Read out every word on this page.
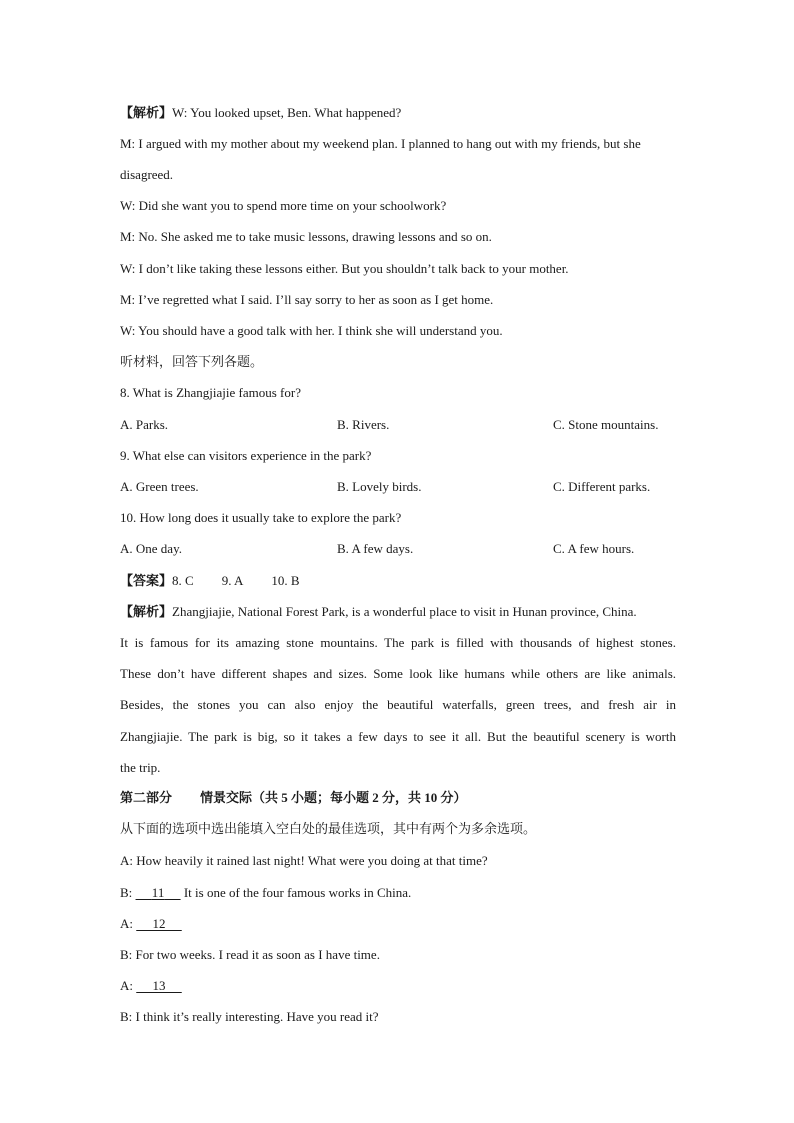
【解析】W: You looked upset, Ben. What happened?
M: I argued with my mother about my weekend plan. I planned to hang out with my friends, but she
disagreed.
W: Did she want you to spend more time on your schoolwork?
M: No. She asked me to take music lessons, drawing lessons and so on.
W: I don’t like taking these lessons either. But you shouldn’t talk back to your mother.
M: I’ve regretted what I said. I’ll say sorry to her as soon as I get home.
W: You should have a good talk with her. I think she will understand you.
听材料，回答下列各题。
8. What is Zhangjiajie famous for?
A. Parks.	B. Rivers.	C. Stone mountains.
9. What else can visitors experience in the park?
A. Green trees.	B. Lovely birds.	C. Different parks.
10. How long does it usually take to explore the park?
A. One day.	B. A few days.	C. A few hours.
【答案】8. C 9. A 10. B
【解析】Zhangjiajie, National Forest Park, is a wonderful place to visit in Hunan province, China.
It is famous for its amazing stone mountains. The park is filled with thousands of highest stones.
These don’t have different shapes and sizes. Some look like humans while others are like animals.
Besides, the stones you can also enjoy the beautiful waterfalls, green trees, and fresh air in
Zhangjiajie. The park is big, so it takes a few days to see it all. But the beautiful scenery is worth
the trip.
第二部分 情景交际（共 5 小题；每小题 2 分，共 10 分）
从下面的选项中选出能填入空白处的最佳选项，其中有两个为多余选项。
A: How heavily it rained last night! What were you doing at that time?
B:      11      It is one of the four famous works in China.
A:      12
B: For two weeks. I read it as soon as I have time.
A:      13
B: I think it’s really interesting. Have you read it?
